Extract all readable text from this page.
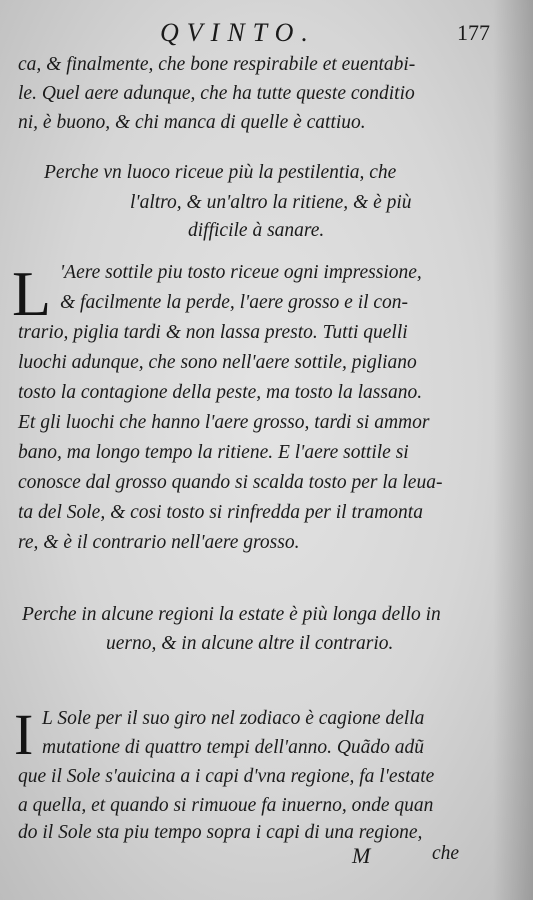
QVINTO.	177
ca, & finalmente, che bone respirabile et euentabi-
le. Quel aere adunque, che ha tutte queste conditio
ni, è buono, & chi manca di quelle è cattiuo.
Perche vn luoco riceue più la pestilentia, che
l'altro, & un'altro la ritiene, & è più
difficile à sanare.
L 'Aere sottile piu tosto riceue ogni impressione,
& facilmente la perde, l'aere grosso e il con-
trario, piglia tardi & non lassa presto. Tutti quelli
luochi adunque, che sono nell'aere sottile, pigliano
tosto la contagione della peste, ma tosto la lassano.
Et gli luochi che hanno l'aere grosso, tardi si ammor
bano, ma longo tempo la ritiene. E l'aere sottile si
conosce dal grosso quando si scalda tosto per la leua-
ta del Sole, & cosi tosto si rinfredda per il tramonta
re, & è il contrario nell'aere grosso.
Perche in alcune regioni la estate è più longa dello in
uerno, & in alcune altre il contrario.
I L Sole per il suo giro nel zodiaco è cagione della
mutatione di quattro tempi dell'anno. Quãdo adũ
que il Sole s'auicina a i capi d'vna regione, fa l'estate
a quella, et quando si rimuoue fa inuerno, onde quan
do il Sole sta piu tempo sopra i capi di una regione,
M	che
